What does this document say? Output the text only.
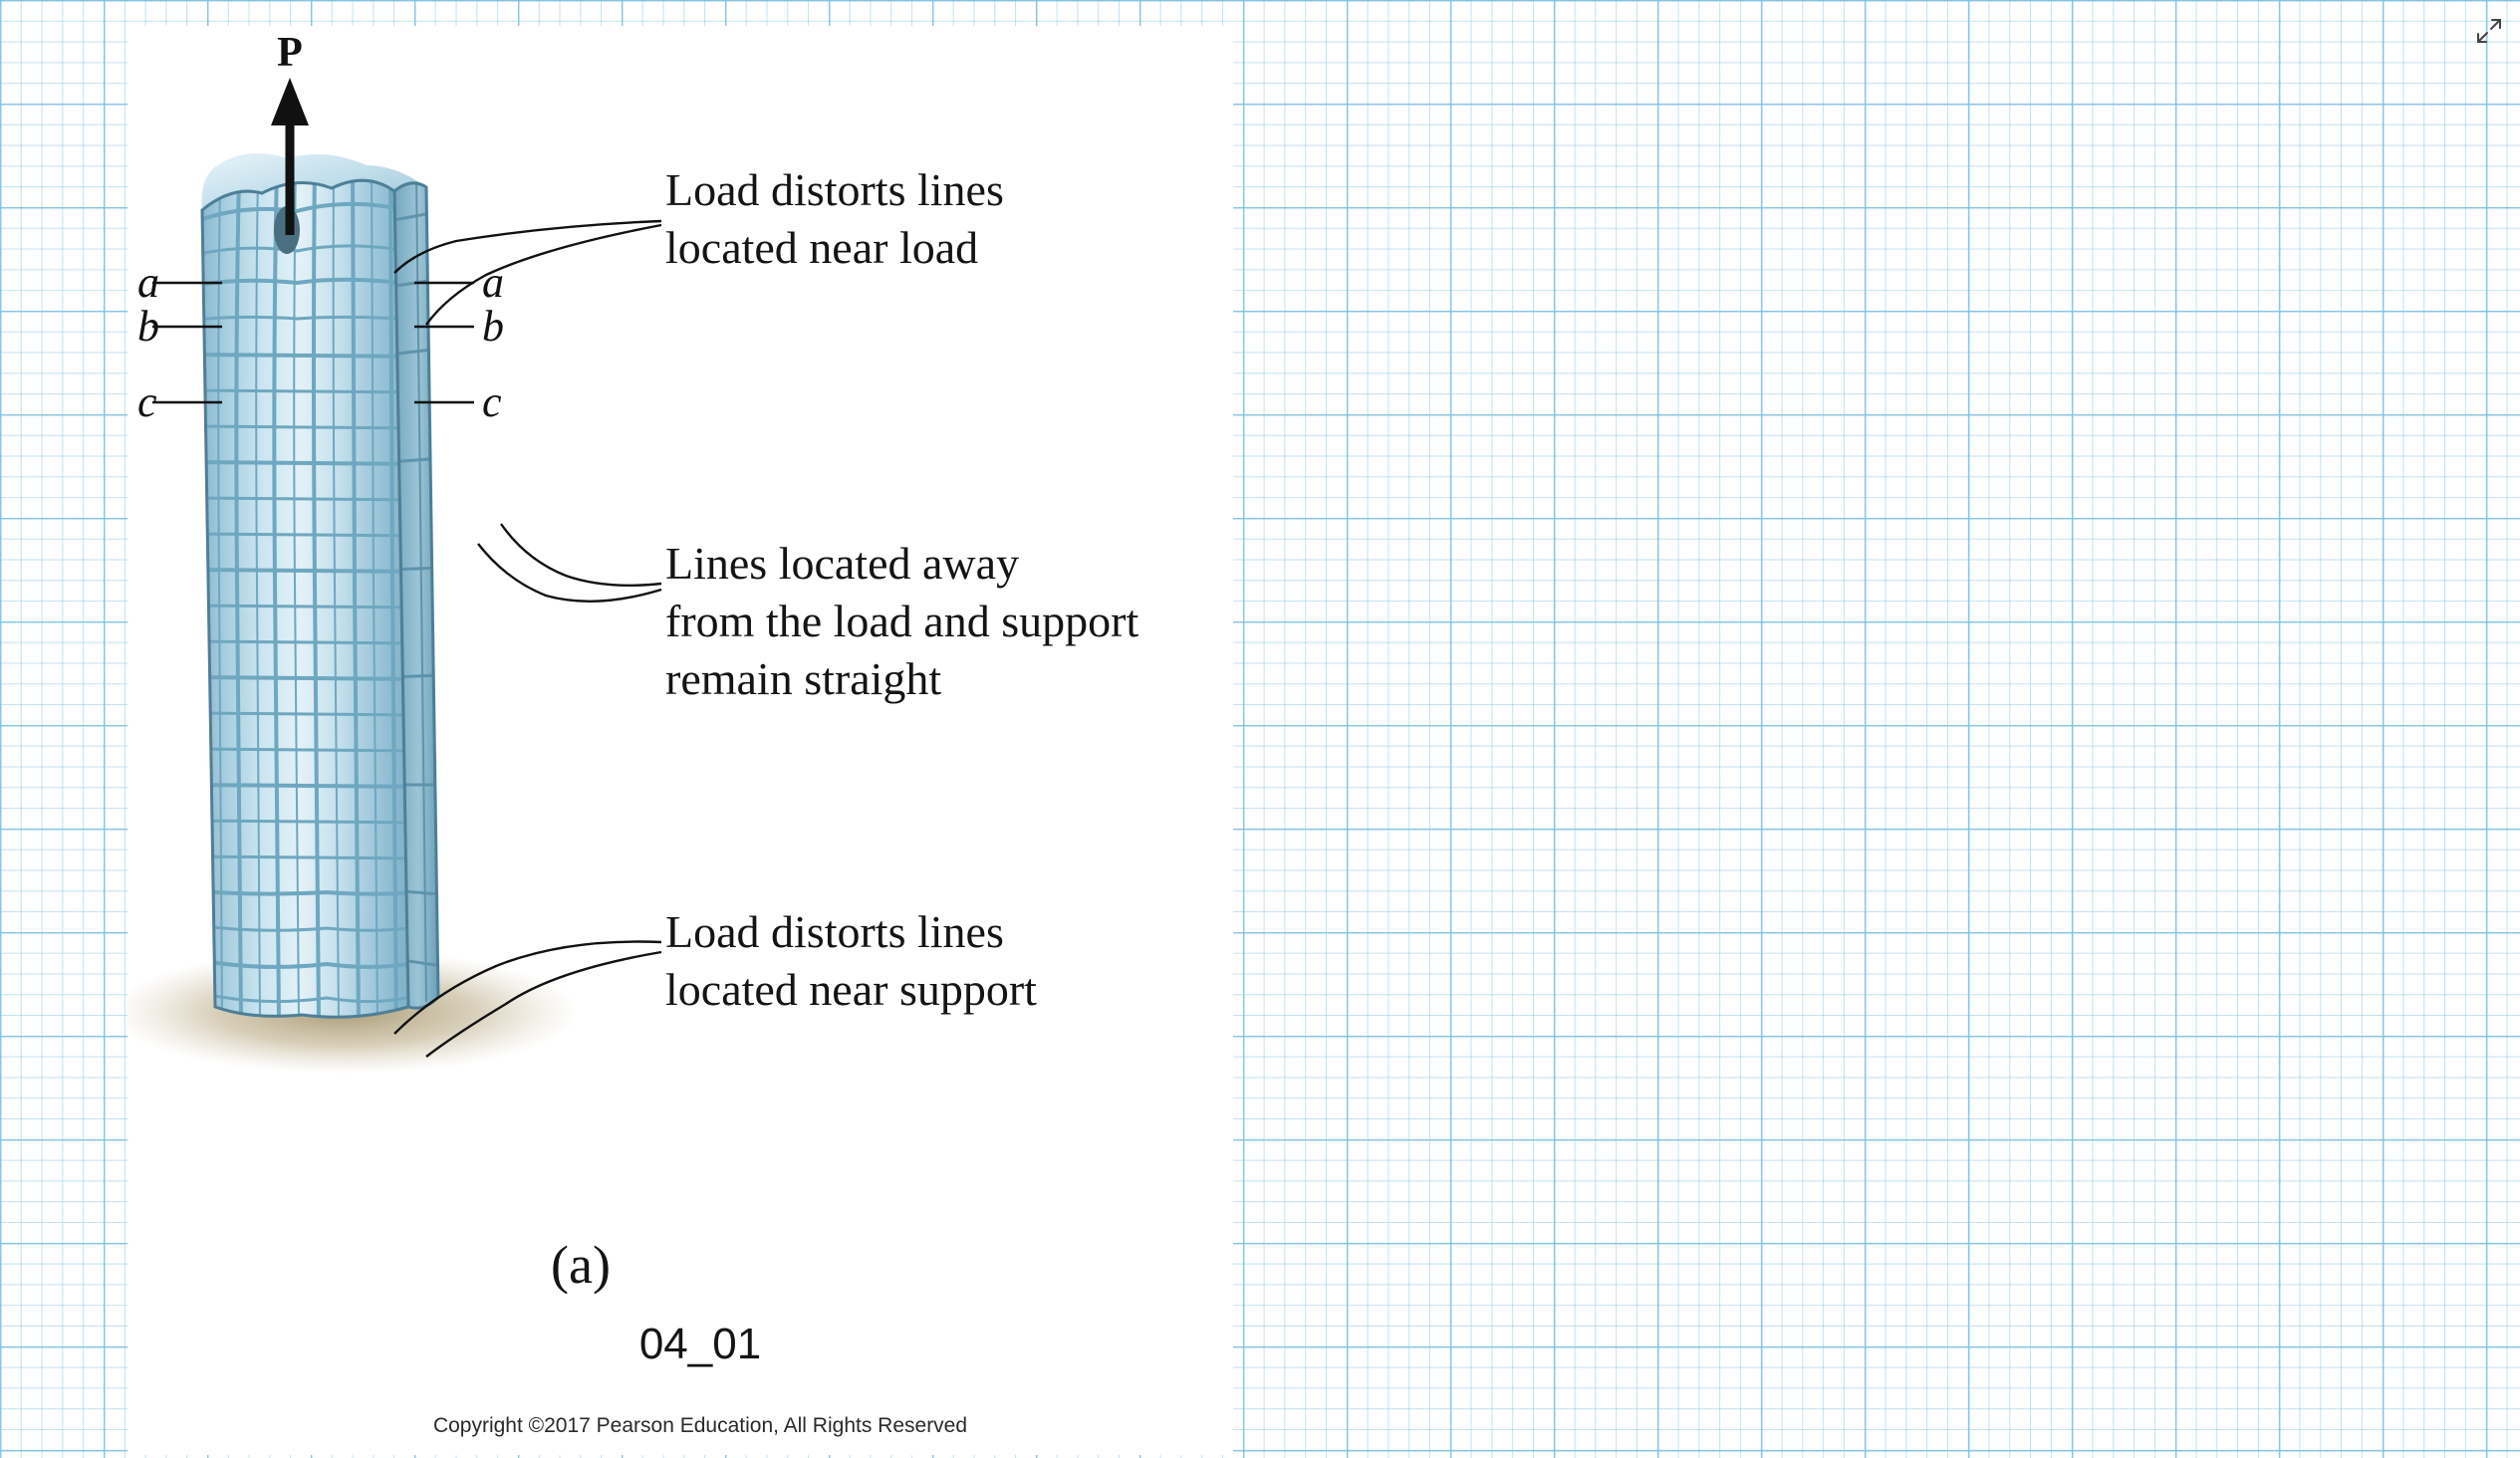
P
a
b
c
a
b
c
Load distorts lines
located near load
Lines located away
from the load and support
remain straight
Load distorts lines
located near support
(a)
04_01
Copyright ©2017 Pearson Education, All Rights Reserved
